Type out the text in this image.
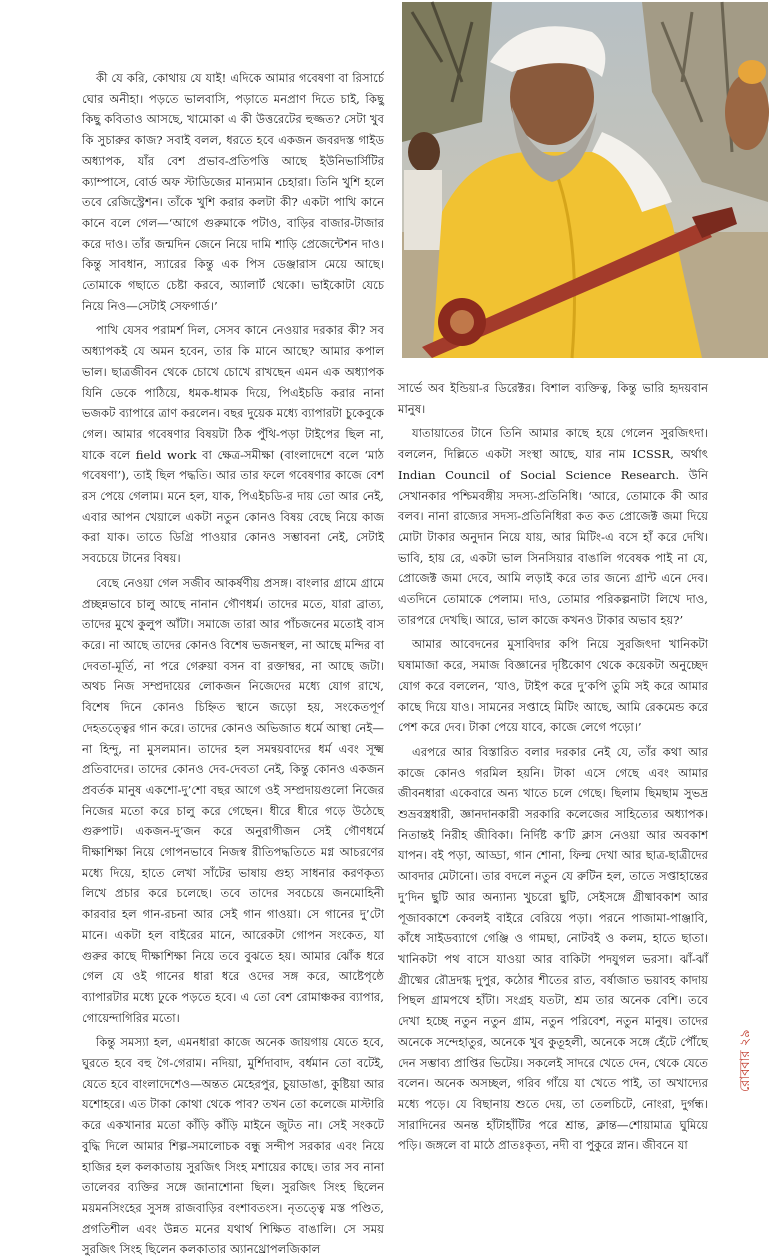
কী যে করি, কোথায় যে যাই! এদিকে আমার গবেষণা বা রিসার্চে ঘোর অনীহা। পড়তে ভালবাসি, পড়াতে মনপ্রাণ দিতে চাই, কিছু কিছু কবিতাও আসছে, খামোকা এ কী উত্তরেটের হুজ্জত? সেটা খুব কি সুচারুর কাজ? সবাই বলল, ধরতে হবে একজন জবরদস্ত গাইড অধ্যাপক, যাঁর বেশ প্রভাব-প্রতিপত্তি আছে ইউনিভার্সিটির ক্যাম্পাসে, বোর্ড অফ স্টাডিজের মান্যমান চেহারা। তিনি খুশি হলে তবে রেজিস্ট্রেশন। তাঁকে খুশি করার কলটা কী? একটা পাখি কানে কানে বলে গেল—‘আগে গুরুমাকে পটাও, বাড়ির বাজার-টাজার করে দাও। তাঁর জন্মদিন জেনে নিয়ে দামি শাড়ি প্রেজেন্টেশন দাও। কিন্তু সাবধান, স্যারের কিন্তু এক পিস ডেঞ্জারাস মেয়ে আছে। তোমাকে গছাতে চেষ্টা করবে, অ্যালার্ট থেকো। ভাইকোটা যেচে নিয়ে নিও—সেটাই সেফগার্ড।’

পাখি যেসব পরামর্শ দিল, সেসব কানে নেওয়ার দরকার কী? সব অধ্যাপকই যে অমন হবেন, তার কি মানে আছে? আমার কপাল ভাল। ছাত্রজীবন থেকে চোখে চোখে রাখছেন এমন এক অধ্যাপক যিনি ডেকে পাঠিয়ে, ধমক-ধামক দিয়ে, পিএইচডি করার নানা ভজকট ব্যাপারে ত্রাণ করলেন। বছর দুয়েক মধ্যে ব্যাপারটা চুকেবুকে গেল। আমার গবেষণার বিষয়টা ঠিক পুঁথি-পড়া টাইপের ছিল না, যাকে বলে field work বা ক্ষেত্র-সমীক্ষা (বাংলাদেশে বলে ‘মাঠ গবেষণা’), তাই ছিল পদ্ধতি। আর তার ফলে গবেষণার কাজে বেশ রস পেয়ে গেলাম। মনে হল, যাক, পিএইচডি-র দায় তো আর নেই, এবার আপন খেয়ালে একটা নতুন কোনও বিষয় বেছে নিয়ে কাজ করা যাক। তাতে ডিগ্রি পাওয়ার কোনও সম্ভাবনা নেই, সেটাই সবচেয়ে টানের বিষয়।

বেছে নেওয়া গেল সজীব আকর্ষণীয় প্রসঙ্গ। বাংলার গ্রামে গ্রামে প্রচ্ছন্নভাবে চালু আছে নানান গৌণধর্ম। তাদের মতে, যারা ব্রাত্য, তাদের মুখে কুলুপ আঁটা। সমাজে তারা আর পাঁচজনের মতোই বাস করে। না আছে তাদের কোনও বিশেষ ভজনস্থল, না আছে মন্দির বা দেবতা-মূর্তি, না পরে গেরুয়া বসন বা রক্তাম্বর, না আছে জটা। অথচ নিজ সম্প্রদায়ের লোকজন নিজেদের মধ্যে যোগ রাখে, বিশেষ দিনে কোনও চিহ্নিত স্থানে জড়ো হয়, সংকেতপূর্ণ দেহতত্ত্বের গান করে। তাদের কোনও অভিজাত ধর্মে আস্থা নেই—না হিন্দু, না মুসলমান। তাদের হল সমন্বয়বাদের ধর্ম এবং সূক্ষ্ম প্রতিবাদের। তাদের কোনও দেব-দেবতা নেই, কিন্তু কোনও একজন প্রবর্তক মানুষ একশো-দু’শো বছর আগে ওই সম্প্রদায়গুলো নিজের নিজের মতো করে চালু করে গেছেন। ধীরে ধীরে গড়ে উঠেছে গুরুপাট। একজন-দু’জন করে অনুরাগীজন সেই গৌণধর্মে দীক্ষাশিক্ষা নিয়ে গোপনভাবে নিজস্ব রীতিপদ্ধতিতে মগ্ন আচরণের মধ্যে দিয়ে, হাতে লেখা সাঁটের ভাষায় গুহ্য সাধনার করণকৃত্য লিখে প্রচার করে চলেছে। তবে তাদের সবচেয়ে জনমোহিনী কারবার হল গান-রচনা আর সেই গান গাওয়া। সে গানের দু’টো মানে। একটা হল বাইরের মানে, আরেকটা গোপন সংকেত, যা গুরুর কাছে দীক্ষাশিক্ষা নিয়ে তবে বুঝতে হয়। আমার ঝোঁক ধরে গেল যে ওই গানের ধারা ধরে ওদের সঙ্গ করে, আষ্টেপৃষ্ঠে ব্যাপারটার মধ্যে ঢুকে পড়তে হবে। এ তো বেশ রোমাঞ্চকর ব্যাপার, গোয়েন্দাগিরির মতো।

কিন্তু সমস্যা হল, এমনধারা কাজে অনেক জায়গায় যেতে হবে, ঘুরতে হবে বহু গৈ-গেরাম। নদিয়া, মুর্শিদাবাদ, বর্ধমান তো বটেই, যেতে হবে বাংলাদেশেও—অন্তত মেহেরপুর, চুয়াডাঙা, কুষ্টিয়া আর যশোহরে। এত টাকা কোথা থেকে পাব? তখন তো কলেজে মাস্টারি করে একখানার মতো কাঁড়ি কাঁড়ি মাইনে জুটত না। সেই সংকটে বুদ্ধি দিলে আমার শিল্প-সমালোচক বন্ধু সন্দীপ সরকার এবং নিয়ে হাজির হল কলকাতায় সুরজিৎ সিংহ মশায়ের কাছে। তার সব নানা তালেবর ব্যক্তির সঙ্গে জানাশোনা ছিল। সুরজিৎ সিংহ ছিলেন ময়মনসিংহের সুসঙ্গ রাজবাড়ির বংশাবতংস। নৃতত্ত্বে মস্ত পণ্ডিত, প্রগতিশীল এবং উন্নত মনের যথার্থ শিক্ষিত বাঙালি। সে সময় সুরজিৎ সিংহ ছিলেন কলকাতার অ্যানথ্রোপলজিকাল

সার্ভে অব ইন্ডিয়া-র ডিরেক্টর। বিশাল ব্যক্তিত্ব, কিন্তু ভারি হৃদয়বান মানুষ।

যাতায়াতের টানে তিনি আমার কাছে হয়ে গেলেন সুরজিৎদা। বললেন, দিল্লিতে একটা সংস্থা আছে, যার নাম ICSSR, অর্থাৎ Indian Council of Social Science Research. উনি সেখানকার পশ্চিমবঙ্গীয় সদস্য-প্রতিনিধি। ‘আরে, তোমাকে কী আর বলব। নানা রাজ্যের সদস্য-প্রতিনিধিরা কত কত প্রোজেক্ট জমা দিয়ে মোটা টাকার অনুদান নিয়ে যায়, আর মিটিং-এ বসে হাঁ করে দেখি। ভাবি, হায় রে, একটা ভাল সিনসিয়ার বাঙালি গবেষক পাই না যে, প্রোজেক্ট জমা দেবে, আমি লড়াই করে তার জন্যে গ্রান্ট এনে দেব। এতদিনে তোমাকে পেলাম। দাও, তোমার পরিকল্পনাটা লিখে দাও, তারপরে দেখছি। আরে, ভাল কাজে কখনও টাকার অভাব হয়?’

আমার আবেদনের মুসাবিদার কপি নিয়ে সুরজিৎদা খানিকটা ঘষামাজা করে, সমাজ বিজ্ঞানের দৃষ্টিকোণ থেকে কয়েকটা অনুচ্ছেদ যোগ করে বললেন, ‘যাও, টাইপ করে দু’কপি তুমি সই করে আমার কাছে দিয়ে যাও। সামনের সপ্তাহে মিটিং আছে, আমি রেকমেন্ড করে পেশ করে দেব। টাকা পেয়ে যাবে, কাজে লেগে পড়ো।’

এরপরে আর বিস্তারিত বলার দরকার নেই যে, তাঁর কথা আর কাজে কোনও গরমিল হয়নি। টাকা এসে গেছে এবং আমার জীবনধারা একেবারে অন্য খাতে চলে গেছে। ছিলাম ছিমছাম সুভদ্র শুভ্রবস্ত্রধারী, জ্ঞানদানকারী সরকারি কলেজের সাহিত্যের অধ্যাপক। নিতান্তই নিরীহ জীবিকা। নির্দিষ্ট ক’টি ক্লাস নেওয়া আর অবকাশ যাপন। বই পড়া, আড্ডা, গান শোনা, ফিল্ম দেখা আর ছাত্র-ছাত্রীদের আবদার মেটানো। তার বদলে নতুন যে রুটিন হল, তাতে সপ্তাহান্তের দু’দিন ছুটি আর অন্যান্য খুচরো ছুটি, সেইসঙ্গে গ্রীষ্মাবকাশ আর পূজাবকাশে কেবলই বাইরে বেরিয়ে পড়া। পরনে পাজামা-পাঞ্জাবি, কাঁধে সাইডব্যাগে গেঞ্জি ও গামছা, নোটবই ও কলম, হাতে ছাতা। খানিকটা পথ বাসে যাওয়া আর বাকিটা পদযুগল ভরসা। ঝাঁ-ঝাঁ গ্রীষ্মের রৌদ্রদগ্ধ দুপুর, কঠোর শীতের রাত, বর্ষাজাত ভয়াবহ কাদায় পিছল গ্রামপথে হাঁটা। সংগ্রহ যতটা, শ্রম তার অনেক বেশি। তবে দেখা হচ্ছে নতুন নতুন গ্রাম, নতুন পরিবেশ, নতুন মানুষ। তাদের অনেকে সন্দেহাতুর, অনেকে খুব কুতূহলী, অনেকে সঙ্গে হেঁটে পৌঁছে দেন সম্ভাব্য প্রাপ্তির ভিটেয়। সকলেই সাদরে খেতে দেন, থেকে যেতে বলেন। অনেক অসচ্ছল, গরিব গাঁয়ে যা খেতে পাই, তা অখাদ্যের মধ্যে পড়ে। যে বিছানায় শুতে দেয়, তা তেলচিটে, নোংরা, দুর্গন্ধ। সারাদিনের অনন্ত হাঁটাহাঁটির পরে শ্রান্ত, ক্লান্ত—শোয়ামাত্র ঘুমিয়ে পড়ি। জঙ্গলে বা মাঠে প্রাতঃকৃত্য, নদী বা পুকুরে স্নান। জীবনে যা

রোববার ২৯
